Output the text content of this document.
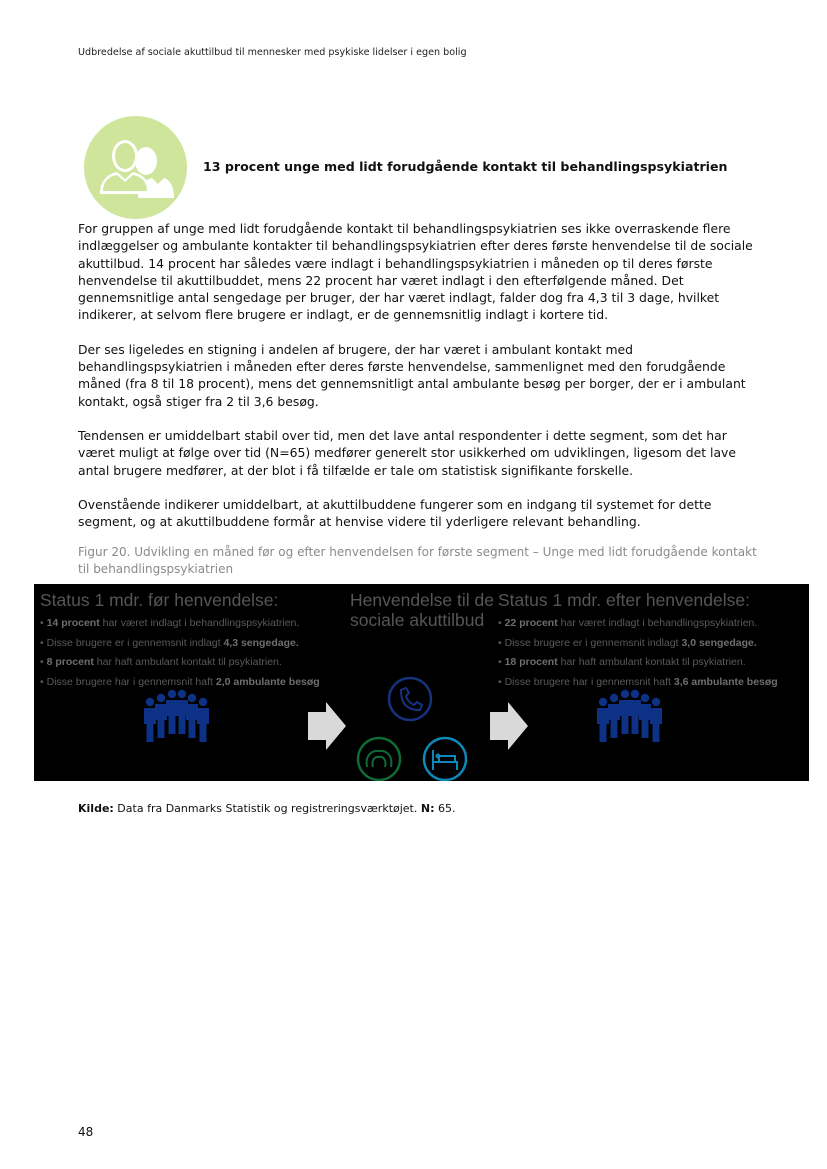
Udbredelse af sociale akuttilbud til mennesker med psykiske lidelser i egen bolig
13 procent unge med lidt forudgående kontakt til behandlingspsykiatrien

For gruppen af unge med lidt forudgående kontakt til behandlingspsykiatrien ses ikke overraskende flere indlæggelser og ambulante kontakter til behandlingspsykiatrien efter deres første henvendelse til de sociale akuttilbud. 14 procent har således være indlagt i behandlingspsykiatrien i måneden op til deres første henvendelse til akuttilbuddet, mens 22 procent har været indlagt i den efterfølgende måned. Det gennemsnitlige antal sengedage per bruger, der har været indlagt, falder dog fra 4,3 til 3 dage, hvilket indikerer, at selvom flere brugere er indlagt, er de gennemsnitlig indlagt i kortere tid.

Der ses ligeledes en stigning i andelen af brugere, der har været i ambulant kontakt med behandlingspsykiatrien i måneden efter deres første henvendelse, sammenlignet med den forudgående måned (fra 8 til 18 procent), mens det gennemsnitligt antal ambulante besøg per borger, der er i ambulant kontakt, også stiger fra 2 til 3,6 besøg.

Tendensen er umiddelbart stabil over tid, men det lave antal respondenter i dette segment, som det har været muligt at følge over tid (N=65) medfører generelt stor usikkerhed om udviklingen, ligesom det lave antal brugere medfører, at der blot i få tilfælde er tale om statistisk signifikante forskelle.

Ovenstående indikerer umiddelbart, at akuttilbuddene fungerer som en indgang til systemet for dette segment, og at akuttilbuddene formår at henvise videre til yderligere relevant behandling.

Figur 20. Udvikling en måned før og efter henvendelsen for første segment – Unge med lidt forudgående kontakt til behandlingspsykiatrien
Status 1 mdr. før henvendelse:
• 14 procent har været indlagt i behandlingspsykiatrien.
• Disse brugere er i gennemsnit indlagt 4,3 sengedage.
• 8 procent har haft ambulant kontakt til psykiatrien.
• Disse brugere har i gennemsnit haft 2,0 ambulante besøg
Henvendelse til de
sociale akuttilbud
Status 1 mdr. efter henvendelse:
• 22 procent har været indlagt i behandlingspsykiatrien.
• Disse brugere er i gennemsnit indlagt 3,0 sengedage.
• 18 procent har haft ambulant kontakt til psykiatrien.
• Disse brugere har i gennemsnit haft 3,6 ambulante besøg
Kilde: Data fra Danmarks Statistik og registreringsværktøjet. N: 65.
48
